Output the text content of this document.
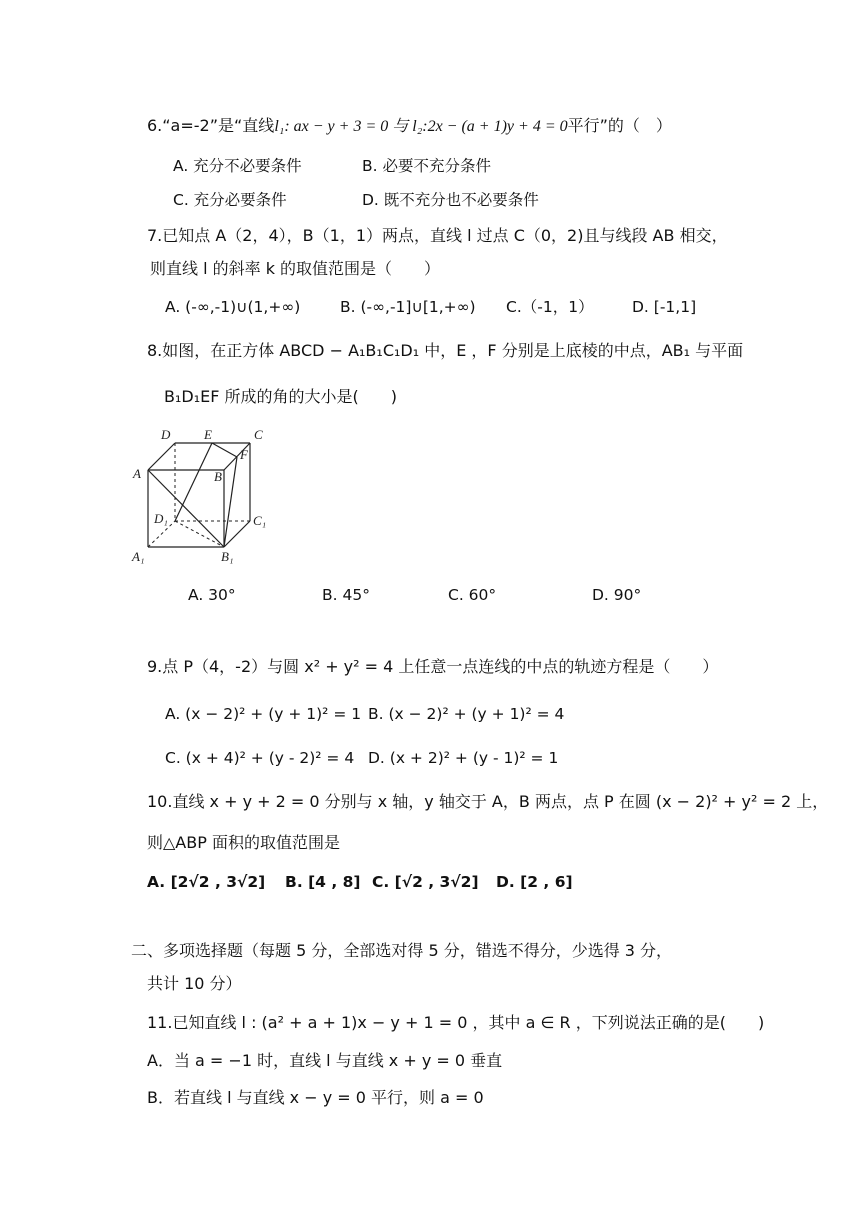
6.“a=-2”是“直线l₁: ax − y + 3 = 0 与 l₂:2x − (a + 1)y + 4 = 0平行”的（　）
A. 充分不必要条件	B. 必要不充分条件
C. 充分必要条件	D. 既不充分也不必要条件
7.已知点 A（2，4），B（1，1）两点，直线 l 过点 C（0，2)且与线段 AB 相交，
则直线 l 的斜率 k 的取值范围是（　　）
A. (-∞,-1)∪(1,+∞)	B. (-∞,-1]∪[1,+∞) C.（-1，1） D. [-1,1]
8.如图，在正方体 ABCD − A₁B₁C₁D₁ 中，E ，F 分别是上底棱的中点，AB₁ 与平面
B₁D₁EF 所成的角的大小是(　　)
D	E	C
F
A	B
D₁	C₁
A₁	B₁
A. 30°	B. 45°	C. 60°	D. 90°
9.点 P（4，-2）与圆 x² + y² = 4 上任意一点连线的中点的轨迹方程是（　　）
A. (x − 2)² + (y + 1)² = 1 B. (x − 2)² + (y + 1)² = 4
C. (x + 4)² + (y - 2)² = 4 D. (x + 2)² + (y - 1)² = 1
10.直线 x + y + 2 = 0 分别与 x 轴，y 轴交于 A，B 两点，点 P 在圆 (x − 2)² + y² = 2 上，
则△ABP 面积的取值范围是
A. [2√2 , 3√2] B. [4 , 8] C. [√2 , 3√2] D. [2 , 6]
二、多项选择题（每题 5 分，全部选对得 5 分，错选不得分，少选得 3 分，
共计 10 分）
11.已知直线 l : (a² + a + 1)x − y + 1 = 0 ，其中 a ∈ R ，下列说法正确的是(　　)
A．当 a = −1 时，直线 l 与直线 x + y = 0 垂直
B．若直线 l 与直线 x − y = 0 平行，则 a = 0
